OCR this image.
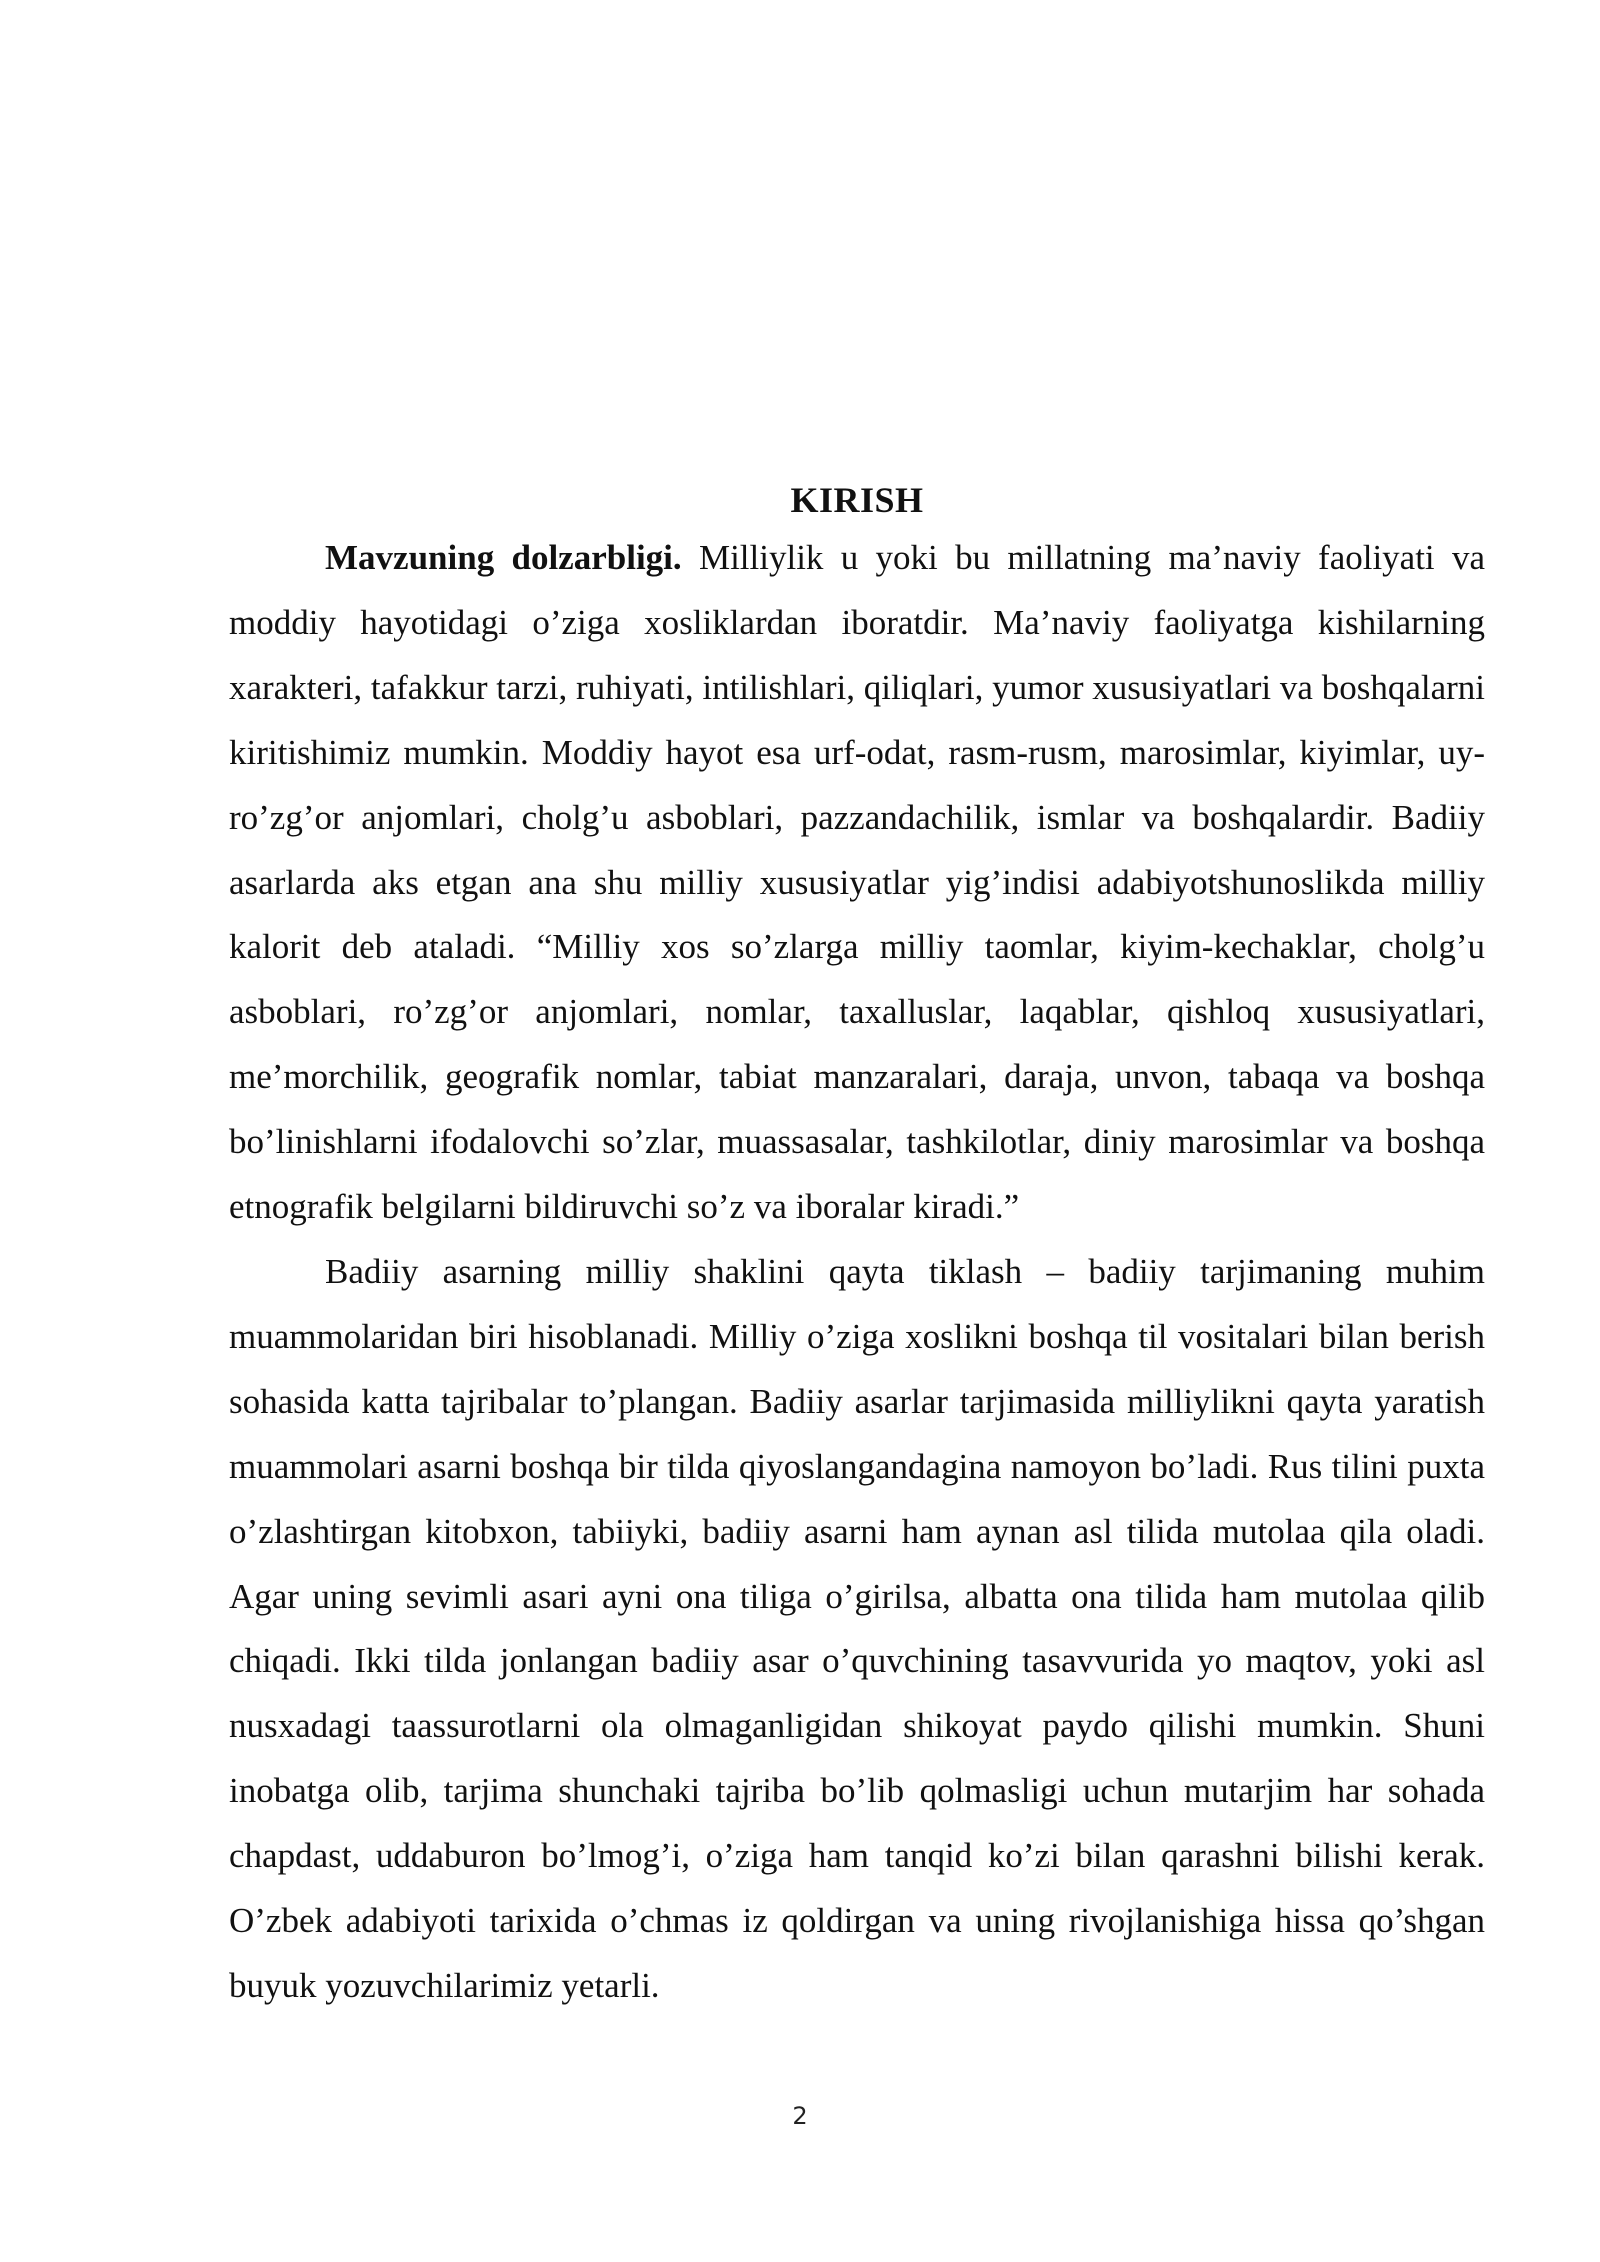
KIRISH

Mavzuning dolzarbligi. Milliylik u yoki bu millatning ma’naviy faoliyati va moddiy hayotidagi o’ziga xosliklardan iboratdir. Ma’naviy faoliyatga kishilarning xarakteri, tafakkur tarzi, ruhiyati, intilishlari, qiliqlari, yumor xususiyatlari va boshqalarni kiritishimiz mumkin. Moddiy hayot esa urf-odat, rasm-rusm, marosimlar, kiyimlar, uy-ro’zg’or anjomlari, cholg’u asboblari, pazzandachilik, ismlar va boshqalardir. Badiiy asarlarda aks etgan ana shu milliy xususiyatlar yig’indisi adabiyotshunoslikda milliy kalorit deb ataladi. “Milliy xos so’zlarga milliy taomlar, kiyim-kechaklar, cholg’u asboblari, ro’zg’or anjomlari, nomlar, taxalluslar, laqablar, qishloq xususiyatlari, me’morchilik, geografik nomlar, tabiat manzaralari, daraja, unvon, tabaqa va boshqa bo’linishlarni ifodalovchi so’zlar, muassasalar, tashkilotlar, diniy marosimlar va boshqa etnografik belgilarni bildiruvchi so’z va iboralar kiradi.”

Badiiy asarning milliy shaklini qayta tiklash – badiiy tarjimaning muhim muammolaridan biri hisoblanadi. Milliy o’ziga xoslikni boshqa til vositalari bilan berish sohasida katta tajribalar to’plangan. Badiiy asarlar tarjimasida milliylikni qayta yaratish muammolari asarni boshqa bir tilda qiyoslangandagina namoyon bo’ladi. Rus tilini puxta o’zlashtirgan kitobxon, tabiiyki, badiiy asarni ham aynan asl tilida mutolaa qila oladi. Agar uning sevimli asari ayni ona tiliga o’girilsa, albatta ona tilida ham mutolaa qilib chiqadi. Ikki tilda jonlangan badiiy asar o’quvchining tasavvurida yo maqtov, yoki asl nusxadagi taassurotlarni ola olmaganligidan shikoyat paydo qilishi mumkin. Shuni inobatga olib, tarjima shunchaki tajriba bo’lib qolmasligi uchun mutarjim har sohada chapdast, uddaburon bo’lmog’i, o’ziga ham tanqid ko’zi bilan qarashni bilishi kerak. O’zbek adabiyoti tarixida o’chmas iz qoldirgan va uning rivojlanishiga hissa qo’shgan buyuk yozuvchilarimiz yetarli.

2
